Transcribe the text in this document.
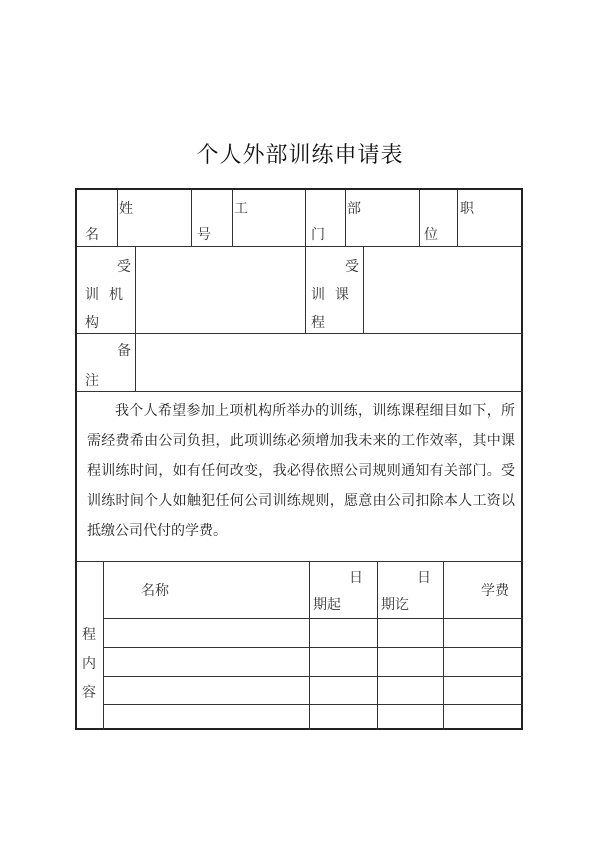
个人外部训练申请表
姓
名
工
号
部
门
职
位
受
训 机
构
受
训 课
程
备
注
我个人希望参加上项机构所举办的训练，训练课程细目如下，所需经费希由公司负担，此项训练必须增加我未来的工作效率，其中课程训练时间，如有任何改变，我必得依照公司规则通知有关部门。受训练时间个人如触犯任何公司训练规则，愿意由公司扣除本人工资以抵缴公司代付的学费。
程
内
容
名称
日
期起
日
期讫
学费
